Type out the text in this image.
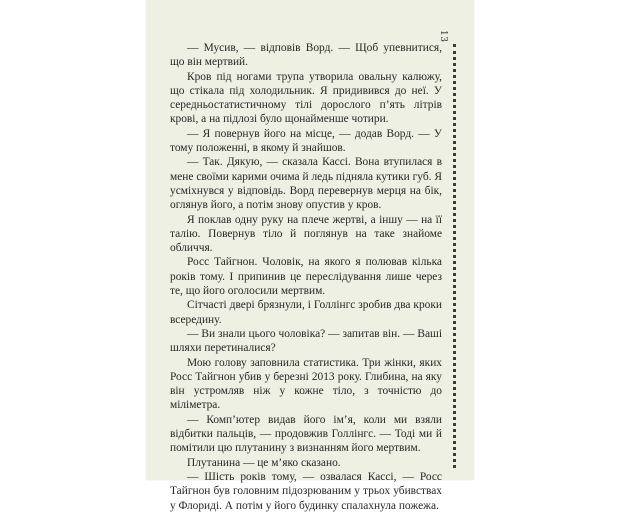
13

— Мусив, — відповів Ворд. — Щоб упевнитися, що він мертвий.

Кров під ногами трупа утворила овальну калюжу, що стікала під холодильник. Я придивився до неї. У середньостатистичному тілі дорослого п’ять літрів крові, а на підлозі було щонайменше чотири.

— Я повернув його на місце, — додав Ворд. — У тому положенні, в якому й знайшов.

— Так. Дякую, — сказала Кассі. Вона втупилася в мене своїми карими очима й ледь підняла кутики губ. Я усміхнувся у відповідь. Ворд перевернув мерця на бік, оглянув його, а потім знову опустив у кров.

Я поклав одну руку на плече жертві, а іншу — на її талію. Повернув тіло й поглянув на таке знайоме обличчя.

Росс Тайгнон. Чоловік, на якого я полював кілька років тому. І припинив це переслідування лише через те, що його оголосили мертвим.

Сітчасті двері брязнули, і Голлінгс зробив два кроки всередину.

— Ви знали цього чоловіка? — запитав він. — Ваші шляхи перетиналися?

Мою голову заповнила статистика. Три жінки, яких Росс Тайгнон убив у березні 2013 року. Глибина, на яку він устромляв ніж у кожне тіло, з точністю до міліметра.

— Комп’ютер видав його ім’я, коли ми взяли відбитки пальців, — продовжив Голлінгс. — Тоді ми й помітили цю плутанину з визнанням його мертвим.

Плутанина — це м’яко сказано.

— Шість років тому, — озвалася Кассі, — Росс Тайгнон був головним підозрюваним у трьох убивствах у Флориді. А потім у його будинку спалахнула пожежа.
